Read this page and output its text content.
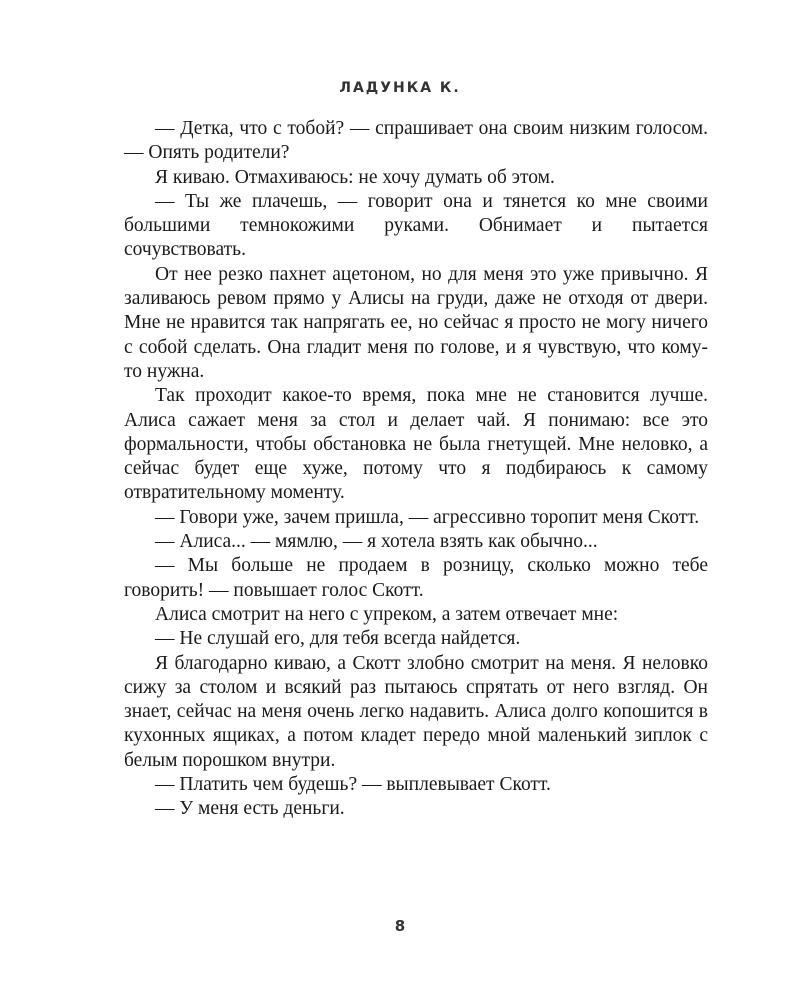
ЛАДУНКА К.

— Детка, что с тобой? — спрашивает она своим низким голосом. — Опять родители?

Я киваю. Отмахиваюсь: не хочу думать об этом.

— Ты же плачешь, — говорит она и тянется ко мне своими большими темнокожими руками. Обнимает и пытается сочувствовать.

От нее резко пахнет ацетоном, но для меня это уже привычно. Я заливаюсь ревом прямо у Алисы на груди, даже не отходя от двери. Мне не нравится так напрягать ее, но сейчас я просто не могу ничего с собой сделать. Она гладит меня по голове, и я чувствую, что кому-то нужна.

Так проходит какое-то время, пока мне не становится лучше. Алиса сажает меня за стол и делает чай. Я понимаю: все это формальности, чтобы обстановка не была гнетущей. Мне неловко, а сейчас будет еще хуже, потому что я подбираюсь к самому отвратительному моменту.

— Говори уже, зачем пришла, — агрессивно торопит меня Скотт.

— Алиса... — мямлю, — я хотела взять как обычно...

— Мы больше не продаем в розницу, сколько можно тебе говорить! — повышает голос Скотт.

Алиса смотрит на него с упреком, а затем отвечает мне:

— Не слушай его, для тебя всегда найдется.

Я благодарно киваю, а Скотт злобно смотрит на меня. Я неловко сижу за столом и всякий раз пытаюсь спрятать от него взгляд. Он знает, сейчас на меня очень легко надавить. Алиса долго копошится в кухонных ящиках, а потом кладет передо мной маленький зиплок с белым порошком внутри.

— Платить чем будешь? — выплевывает Скотт.

— У меня есть деньги.

8
